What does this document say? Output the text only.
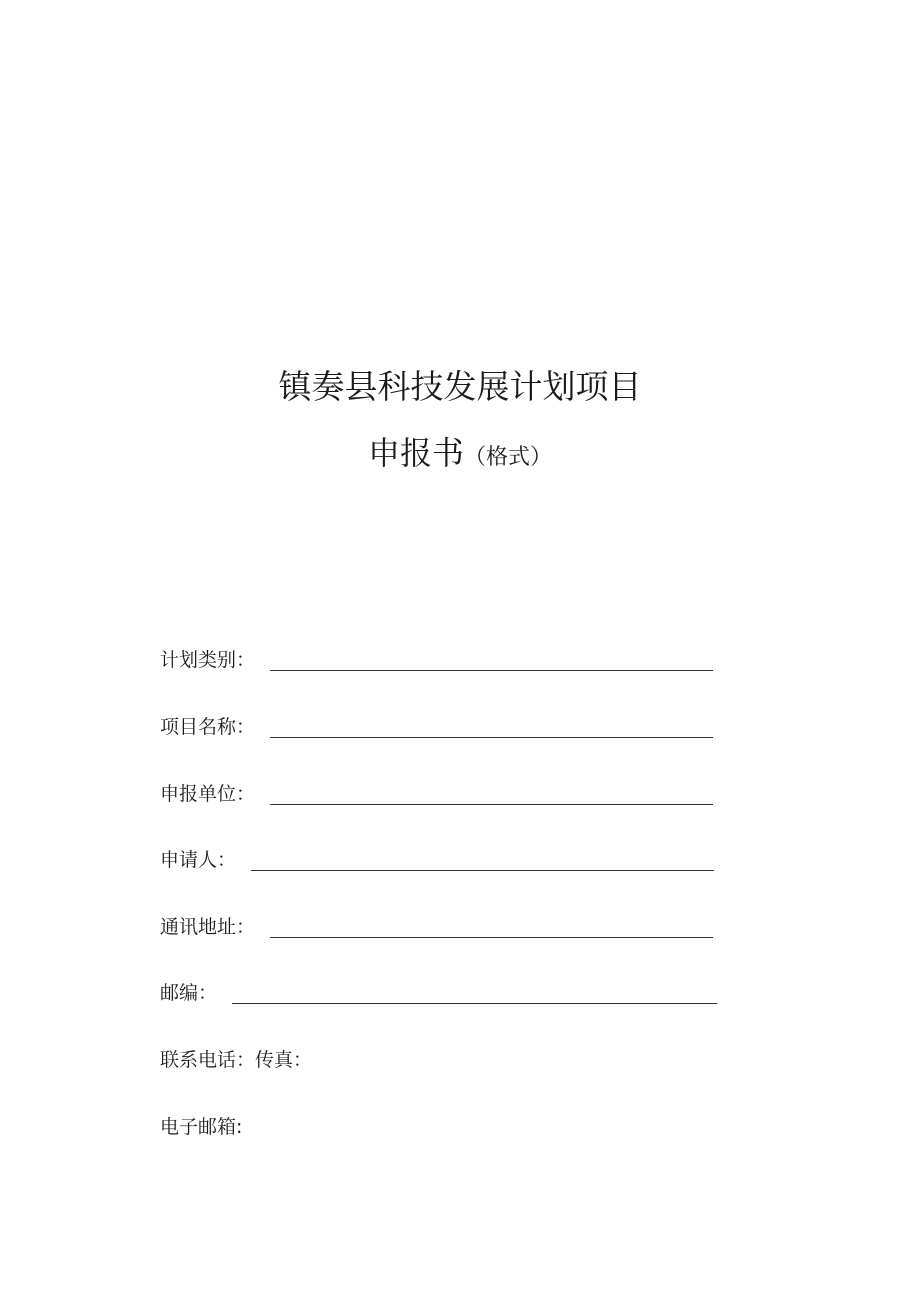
镇奏县科技发展计划项目
申报书（格式）
计划类别：
项目名称：
申报单位：
申请人：
通讯地址：
邮编：
联系电话：传真：
电子邮箱:
